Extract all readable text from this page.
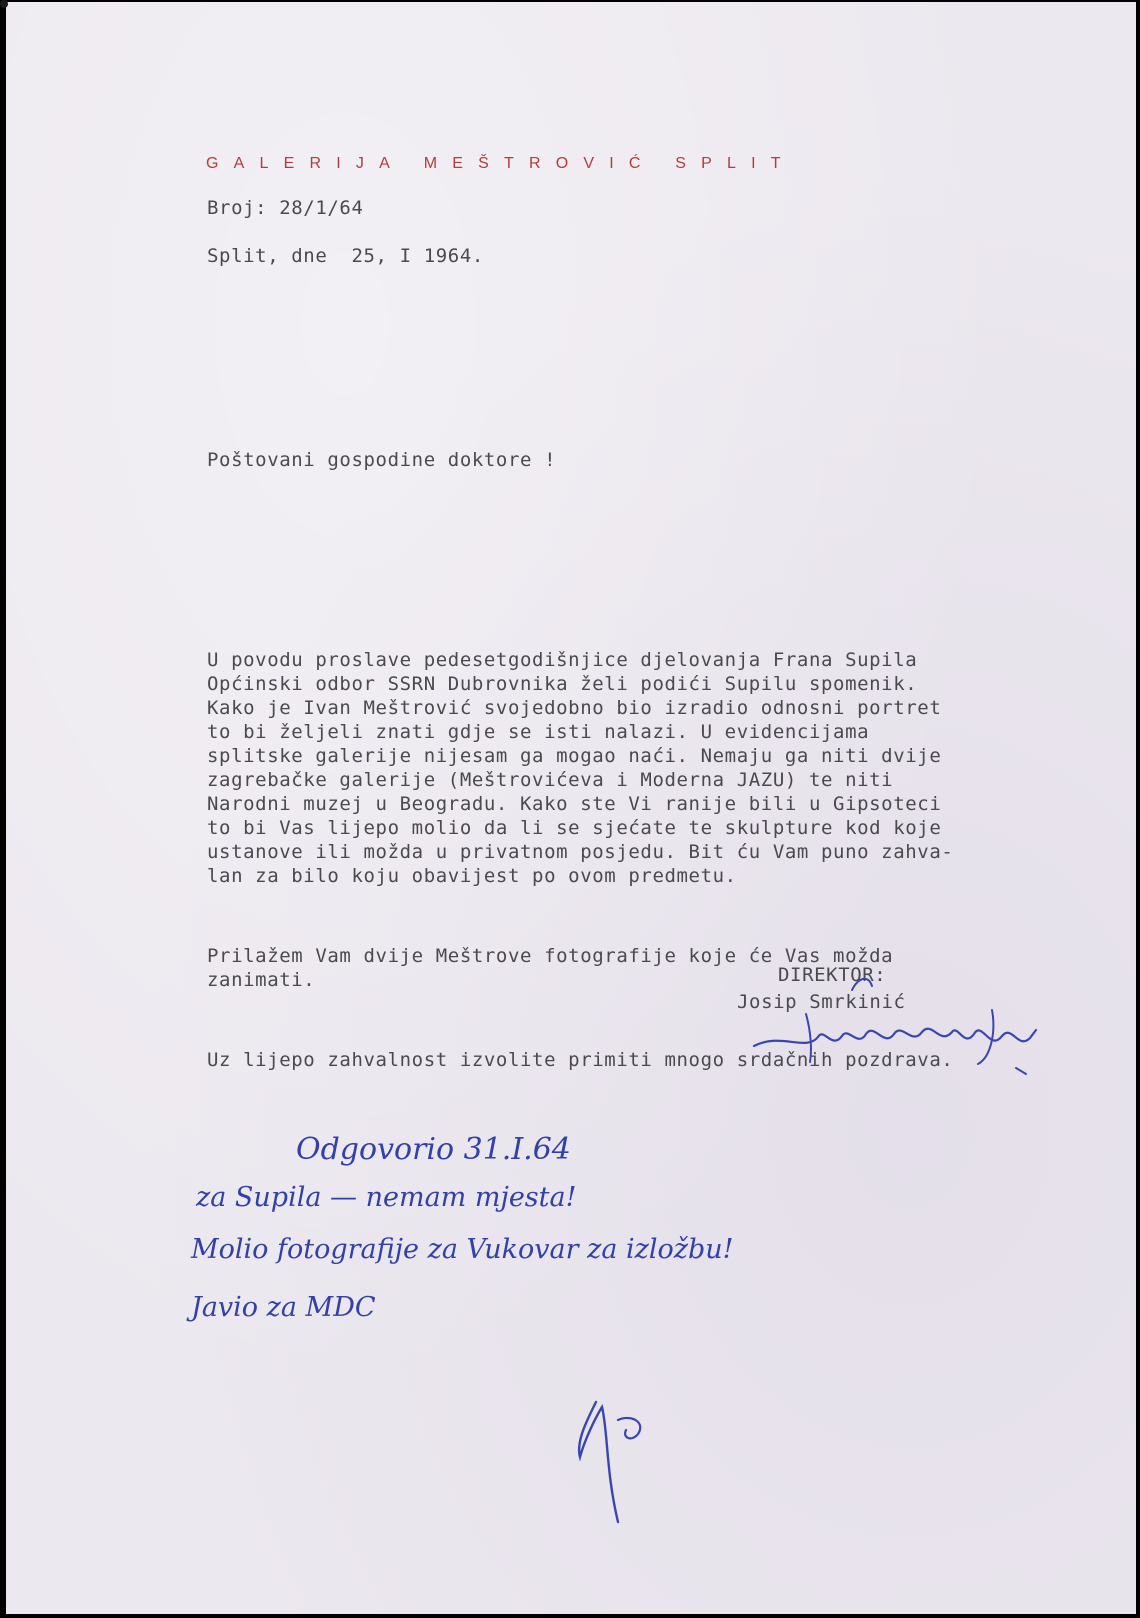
GALERIJA MEŠTROVIĆ SPLIT
Broj: 28/1/64
Split, dne  25, I 1964.
Poštovani gospodine doktore !

U povodu proslave pedesetgodišnjice djelovanja Frana Supila
Općinski odbor SSRN Dubrovnika želi podići Supilu spomenik.
Kako je Ivan Meštrović svojedobno bio izradio odnosni portret
to bi željeli znati gdje se isti nalazi. U evidencijama
splitske galerije nijesam ga mogao naći. Nemaju ga niti dvije
zagrebačke galerije (Meštrovićeva i Moderna JAZU) te niti
Narodni muzej u Beogradu. Kako ste Vi ranije bili u Gipsoteci
to bi Vas lijepo molio da li se sjećate te skulpture kod koje
ustanove ili možda u privatnom posjedu. Bit ću Vam puno zahva-
lan za bilo koju obavijest po ovom predmetu.

Prilažem Vam dvije Meštrove fotografije koje će Vas možda
zanimati.

Uz lijepo zahvalnost izvolite primiti mnogo srdačnih pozdrava.

DIREKTOR:
Josip Smrkinić
Odgovorio 31.I.64
za Supila — nemam mjesta!
Molio fotografije za Vukovar za izložbu!
Javio za MDC
